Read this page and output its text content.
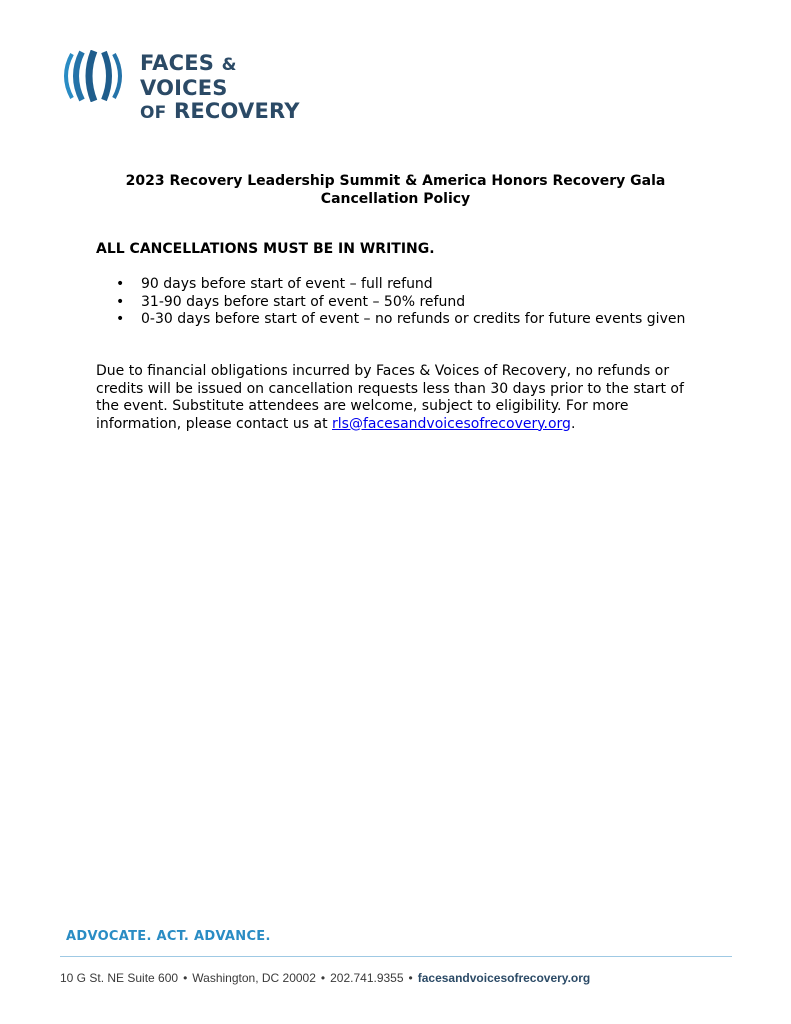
FACES & VOICES
OF RECOVERY
2023 Recovery Leadership Summit & America Honors Recovery Gala
Cancellation Policy
ALL CANCELLATIONS MUST BE IN WRITING.
• 90 days before start of event – full refund
• 31-90 days before start of event – 50% refund
• 0-30 days before start of event – no refunds or credits for future events given
Due to financial obligations incurred by Faces & Voices of Recovery, no refunds or credits will be issued on cancellation requests less than 30 days prior to the start of the event. Substitute attendees are welcome, subject to eligibility. For more information, please contact us at rls@facesandvoicesofrecovery.org.
ADVOCATE. ACT. ADVANCE.
10 G St. NE Suite 600 • Washington, DC 20002 • 202.741.9355 • facesandvoicesofrecovery.org
